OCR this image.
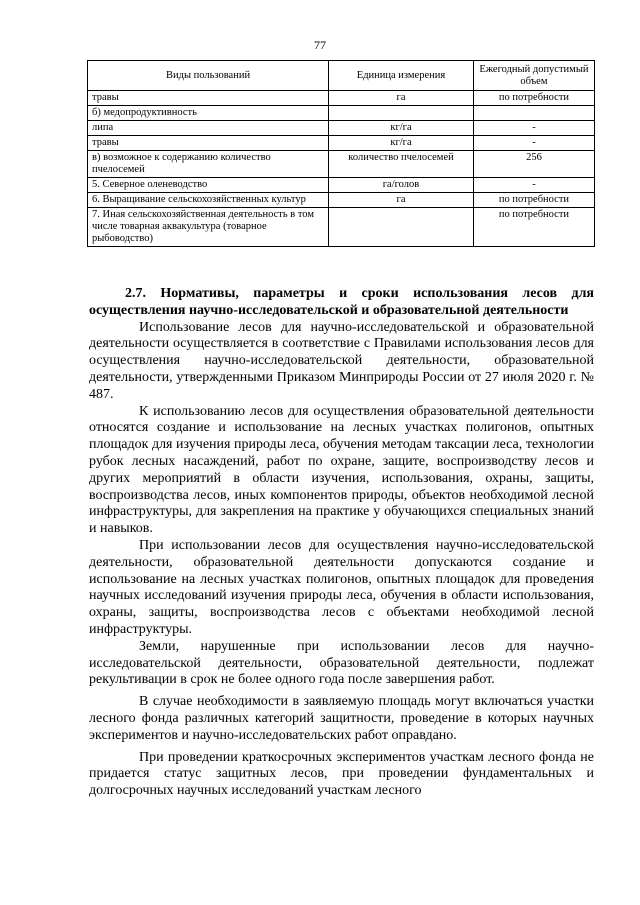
77
Виды пользований	Единица измерения	Ежегодный допустимый объем
травы	га	по потребности
б) медопродуктивность		
липа	кг/га	-
травы	кг/га	-
в) возможное к содержанию количество пчелосемей	количество пчелосемей	256
5. Северное оленеводство	га/голов	-
6. Выращивание сельскохозяйственных культур	га	по потребности
7. Иная сельскохозяйственная деятельность в том числе товарная аквакультура (товарное рыбоводство)		по потребности

2.7. Нормативы, параметры и сроки использования лесов для осуществления научно-исследовательской и образовательной деятельности

Использование лесов для научно-исследовательской и образовательной деятельности осуществляется в соответствие с Правилами использования лесов для осуществления научно-исследовательской деятельности, образовательной деятельности, утвержденными Приказом Минприроды России от 27 июля 2020 г. № 487.

К использованию лесов для осуществления образовательной деятельности относятся создание и использование на лесных участках полигонов, опытных площадок для изучения природы леса, обучения методам таксации леса, технологии рубок лесных насаждений, работ по охране, защите, воспроизводству лесов и других мероприятий в области изучения, использования, охраны, защиты, воспроизводства лесов, иных компонентов природы, объектов необходимой лесной инфраструктуры, для закрепления на практике у обучающихся специальных знаний и навыков.

При использовании лесов для осуществления научно-исследовательской деятельности, образовательной деятельности допускаются создание и использование на лесных участках полигонов, опытных площадок для проведения научных исследований изучения природы леса, обучения в области использования, охраны, защиты, воспроизводства лесов с объектами необходимой лесной инфраструктуры.

Земли, нарушенные при использовании лесов для научно-исследовательской деятельности, образовательной деятельности, подлежат рекультивации в срок не более одного года после завершения работ.

В случае необходимости в заявляемую площадь могут включаться участки лесного фонда различных категорий защитности, проведение в которых научных экспериментов и научно-исследовательских работ оправдано.

При проведении краткосрочных экспериментов участкам лесного фонда не придается статус защитных лесов, при проведении фундаментальных и долгосрочных научных исследований участкам лесного
